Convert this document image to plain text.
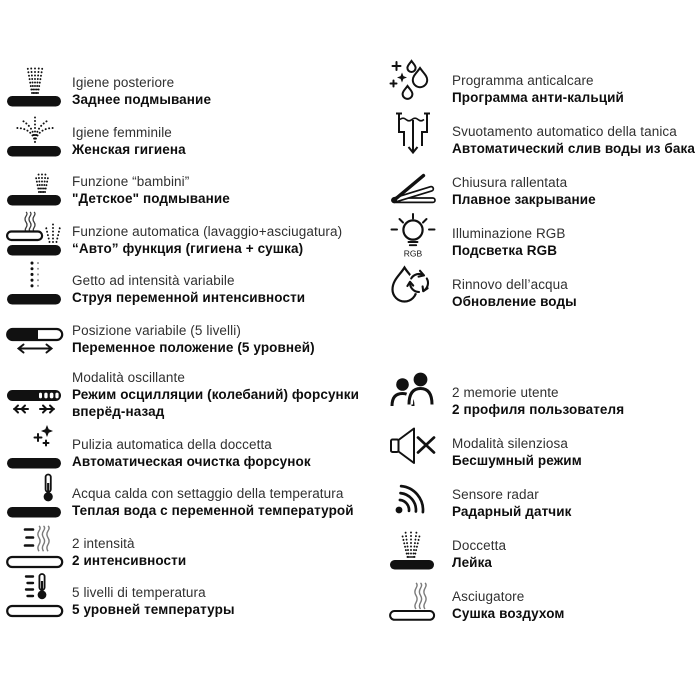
Igiene posteriore
Заднее подмывание
Igiene femminile
Женская гигиена
Funzione “bambini”
"Детское" подмывание
Funzione automatica (lavaggio+asciugatura)
“Авто” функция (гигиена + сушка)
Getto ad intensità variabile
Струя переменной интенсивности
Posizione variabile (5 livelli)
Переменное положение (5 уровней)
Modalità oscillante
Режим осцилляции (колебаний) форсунки вперёд-назад
Pulizia automatica della doccetta
Автоматическая очистка форсунок
Acqua calda con settaggio della temperatura
Теплая вода с переменной температурой
2 intensità
2 интенсивности
5 livelli di temperatura
5 уровней температуры
Programma anticalcare
Программа анти-кальций
Svuotamento automatico della tanica
Автоматический слив воды из бака
Chiusura rallentata
Плавное закрывание
RGB
Illuminazione RGB
Подсветка RGB
Rinnovo dell’acqua
Обновление воды
2 memorie utente
2 профиля пользователя
Modalità silenziosa
Бесшумный режим
Sensore radar
Радарный датчик
Doccetta
Лейка
Asciugatore
Сушка воздухом
